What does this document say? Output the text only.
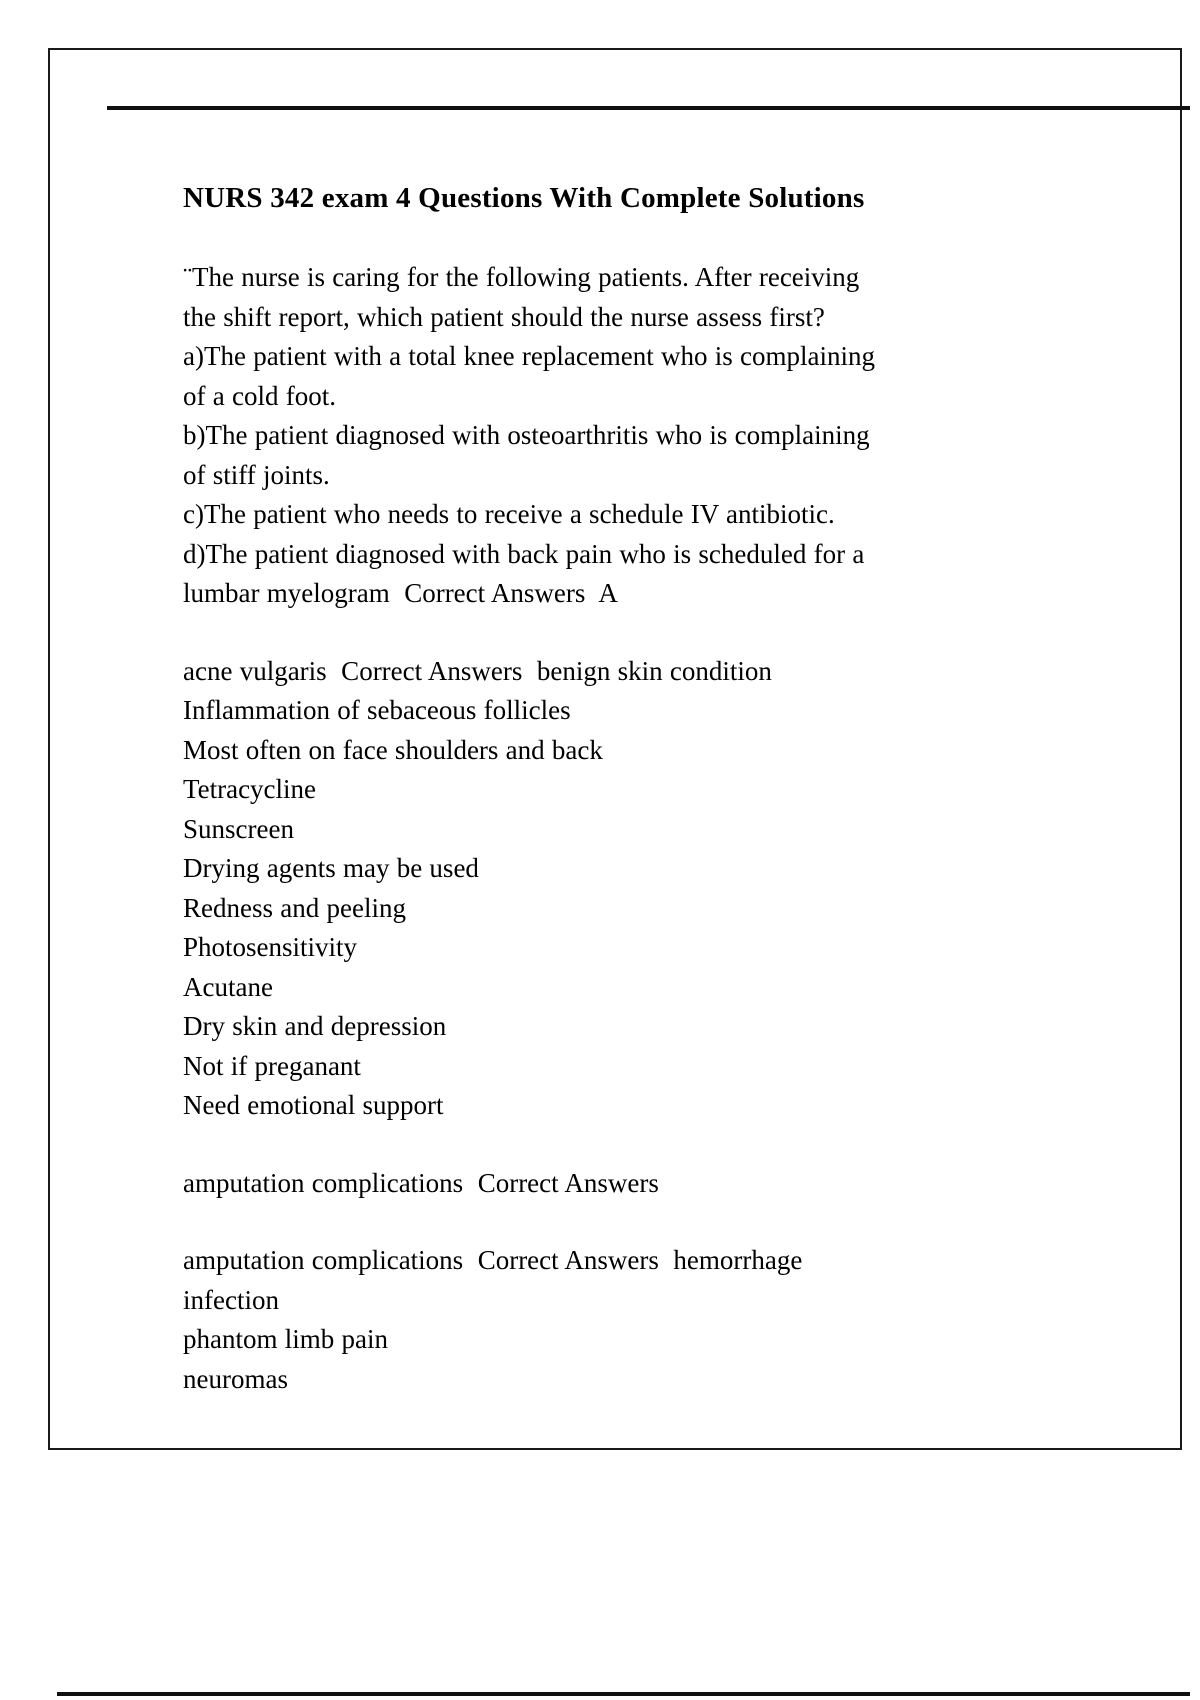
NURS 342 exam 4 Questions With Complete Solutions
¨The nurse is caring for the following patients. After receiving
the shift report, which patient should the nurse assess first?
a)The patient with a total knee replacement who is complaining
of a cold foot.
b)The patient diagnosed with osteoarthritis who is complaining
of stiff joints.
c)The patient who needs to receive a schedule IV antibiotic.
d)The patient diagnosed with back pain who is scheduled for a
lumbar myelogram  Correct Answers  A
acne vulgaris  Correct Answers  benign skin condition
Inflammation of sebaceous follicles
Most often on face shoulders and back
Tetracycline
Sunscreen
Drying agents may be used
Redness and peeling
Photosensitivity
Acutane
Dry skin and depression
Not if preganant
Need emotional support
amputation complications  Correct Answers
amputation complications  Correct Answers  hemorrhage
infection
phantom limb pain
neuromas
